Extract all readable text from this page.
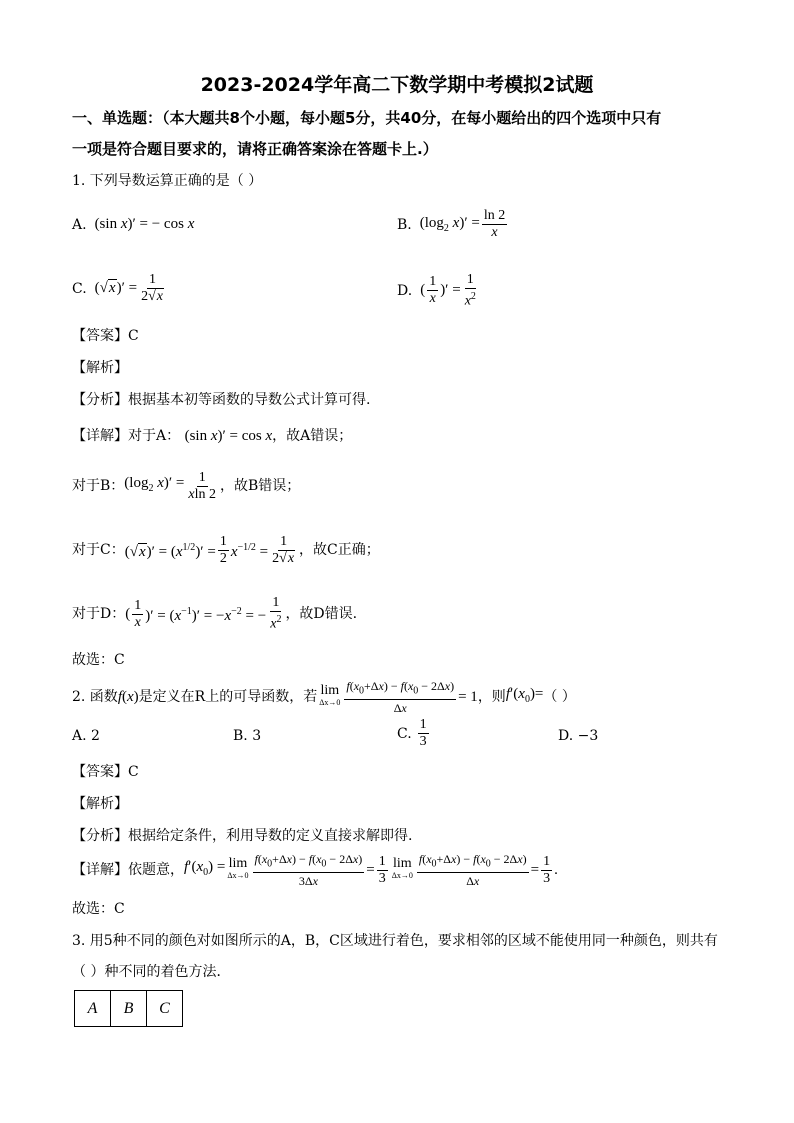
2023-2024学年高二下数学期中考模拟2试题
一、单选题：（本大题共8个小题，每小题5分，共40分，在每小题给出的四个选项中只有
一项是符合题目要求的，请将正确答案涂在答题卡上.）
1. 下列导数运算正确的是（ ）
A. (sin x)′ = − cos x	B. ($\log_2$ $x)' = \frac{\ln 2}{x}$
C. $(√x)' = \frac{1}{2√x}$	D. ( $\frac{1}{x}$ )′ = $\frac{1}{x^2}$
【答案】C
【解析】
【分析】根据基本初等函数的导数公式计算可得.
【详解】对于A： (sin x)′ = cos x，故A错误；
对于B： ($\log_2$ $x)' = \frac{1}{xln 2}$ ，故B错误；
对于C： $(√x)' = (x^{1/2})' = \frac{1}{2} x^{-1/2} = \frac{1}{2√x}$ ，故C正确；
对于D： ( $\frac{1}{x}$ )′ = $(x^{-1})' = -x^{-2}$ = − $\frac{1}{x^2}$ ，故D错误.
故选：C
2. 函数 f(x) 是定义在R上的可导函数，若 lim
$\Delta x\to 0 \frac{f(x_0+\Delta x) - f(x_0 - 2\Delta x)}{\Delta x} = 1$ ，则 $f'(x_0)=$ （ ）
A. 2	B. 3	C. $\frac{1}{3}$	D. −3
【答案】C
【解析】
【分析】根据给定条件，利用导数的定义直接求解即得.
【详解】 依题意， $f'(x_0) = \lim$
$\Delta x\to 0 \frac{f(x_0+\Delta x) - f(x_0 - 2\Delta x)}{3\Delta x} = \frac{1}{3}$ lim
$\Delta x\to 0 \frac{f(x_0+\Delta x) - f(x_0 - 2\Delta x)}{\Delta x} = \frac{1}{3}$ .
故选：C
3. 用5种不同的颜色对如图所示的A，B，C区域进行着色，要求相邻的区域不能使用同一种颜色，则共有
（ ）种不同的着色方法．
A	B	C
